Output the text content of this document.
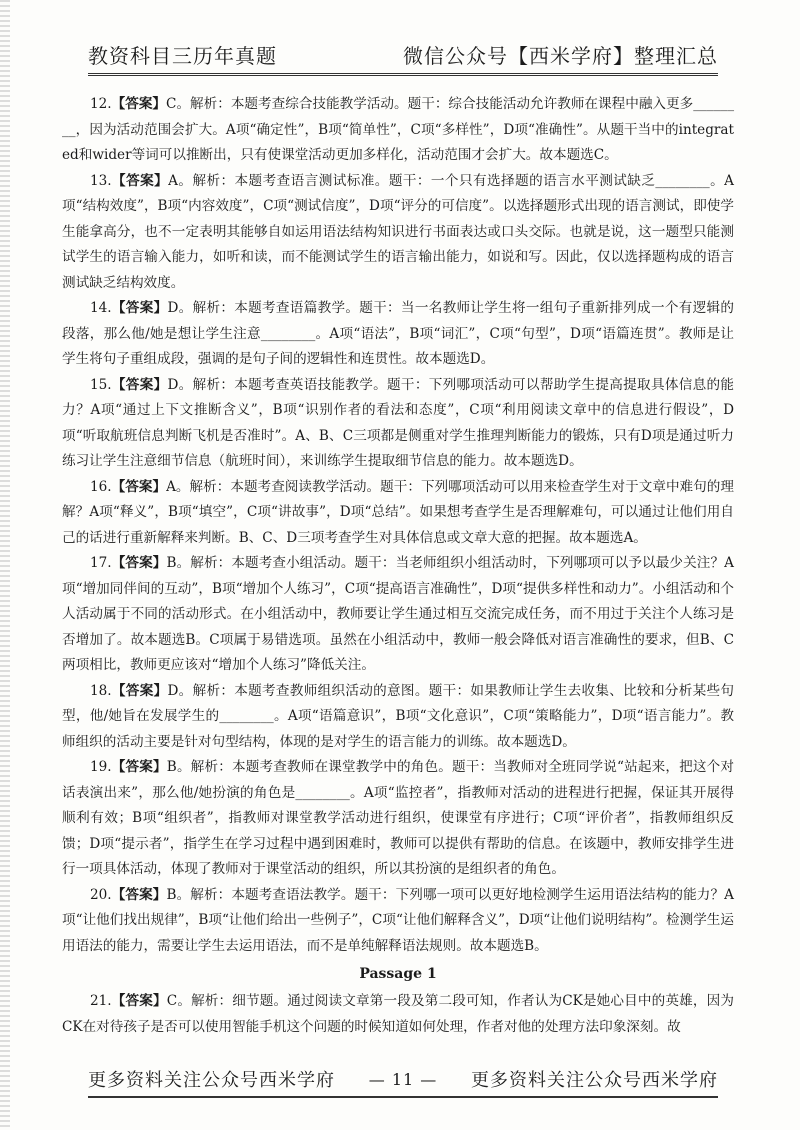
教资科目三历年真题	微信公众号【西米学府】整理汇总

12.【答案】C。解析：本题考查综合技能教学活动。题干：综合技能活动允许教师在课程中融入更多________，因为活动范围会扩大。A项“确定性”，B项“简单性”，C项“多样性”，D项“准确性”。从题干当中的integrated和wider等词可以推断出，只有使课堂活动更加多样化，活动范围才会扩大。故本题选C。

13.【答案】A。解析：本题考查语言测试标准。题干：一个只有选择题的语言水平测试缺乏________。A项“结构效度”，B项“内容效度”，C项“测试信度”，D项“评分的可信度”。以选择题形式出现的语言测试，即使学生能拿高分，也不一定表明其能够自如运用语法结构知识进行书面表达或口头交际。也就是说，这一题型只能测试学生的语言输入能力，如听和读，而不能测试学生的语言输出能力，如说和写。因此，仅以选择题构成的语言测试缺乏结构效度。

14.【答案】D。解析：本题考查语篇教学。题干：当一名教师让学生将一组句子重新排列成一个有逻辑的段落，那么他/她是想让学生注意________。A项“语法”，B项“词汇”，C项“句型”，D项“语篇连贯”。教师是让学生将句子重组成段，强调的是句子间的逻辑性和连贯性。故本题选D。

15.【答案】D。解析：本题考查英语技能教学。题干：下列哪项活动可以帮助学生提高提取具体信息的能力？A项“通过上下文推断含义”，B项“识别作者的看法和态度”，C项“利用阅读文章中的信息进行假设”，D项“听取航班信息判断飞机是否准时”。A、B、C三项都是侧重对学生推理判断能力的锻炼，只有D项是通过听力练习让学生注意细节信息（航班时间），来训练学生提取细节信息的能力。故本题选D。

16.【答案】A。解析：本题考查阅读教学活动。题干：下列哪项活动可以用来检查学生对于文章中难句的理解？A项“释义”，B项“填空”，C项“讲故事”，D项“总结”。如果想考查学生是否理解难句，可以通过让他们用自己的话进行重新解释来判断。B、C、D三项考查学生对具体信息或文章大意的把握。故本题选A。

17.【答案】B。解析：本题考查小组活动。题干：当老师组织小组活动时，下列哪项可以予以最少关注？A项“增加同伴间的互动”，B项“增加个人练习”，C项“提高语言准确性”，D项“提供多样性和动力”。小组活动和个人活动属于不同的活动形式。在小组活动中，教师要让学生通过相互交流完成任务，而不用过于关注个人练习是否增加了。故本题选B。C项属于易错选项。虽然在小组活动中，教师一般会降低对语言准确性的要求，但B、C两项相比，教师更应该对“增加个人练习”降低关注。

18.【答案】D。解析：本题考查教师组织活动的意图。题干：如果教师让学生去收集、比较和分析某些句型，他/她旨在发展学生的________。A项“语篇意识”，B项“文化意识”，C项“策略能力”，D项“语言能力”。教师组织的活动主要是针对句型结构，体现的是对学生的语言能力的训练。故本题选D。

19.【答案】B。解析：本题考查教师在课堂教学中的角色。题干：当教师对全班同学说“站起来，把这个对话表演出来”，那么他/她扮演的角色是________。A项“监控者”，指教师对活动的进程进行把握，保证其开展得顺利有效；B项“组织者”，指教师对课堂教学活动进行组织，使课堂有序进行；C项“评价者”，指教师组织反馈；D项“提示者”，指学生在学习过程中遇到困难时，教师可以提供有帮助的信息。在该题中，教师安排学生进行一项具体活动，体现了教师对于课堂活动的组织，所以其扮演的是组织者的角色。

20.【答案】B。解析：本题考查语法教学。题干：下列哪一项可以更好地检测学生运用语法结构的能力？A项“让他们找出规律”，B项“让他们给出一些例子”，C项“让他们解释含义”，D项“让他们说明结构”。检测学生运用语法的能力，需要让学生去运用语法，而不是单纯解释语法规则。故本题选B。

Passage 1

21.【答案】C。解析：细节题。通过阅读文章第一段及第二段可知，作者认为CK是她心目中的英雄，因为CK在对待孩子是否可以使用智能手机这个问题的时候知道如何处理，作者对他的处理方法印象深刻。故

更多资料关注公众号西米学府 — 11 — 更多资料关注公众号西米学府
